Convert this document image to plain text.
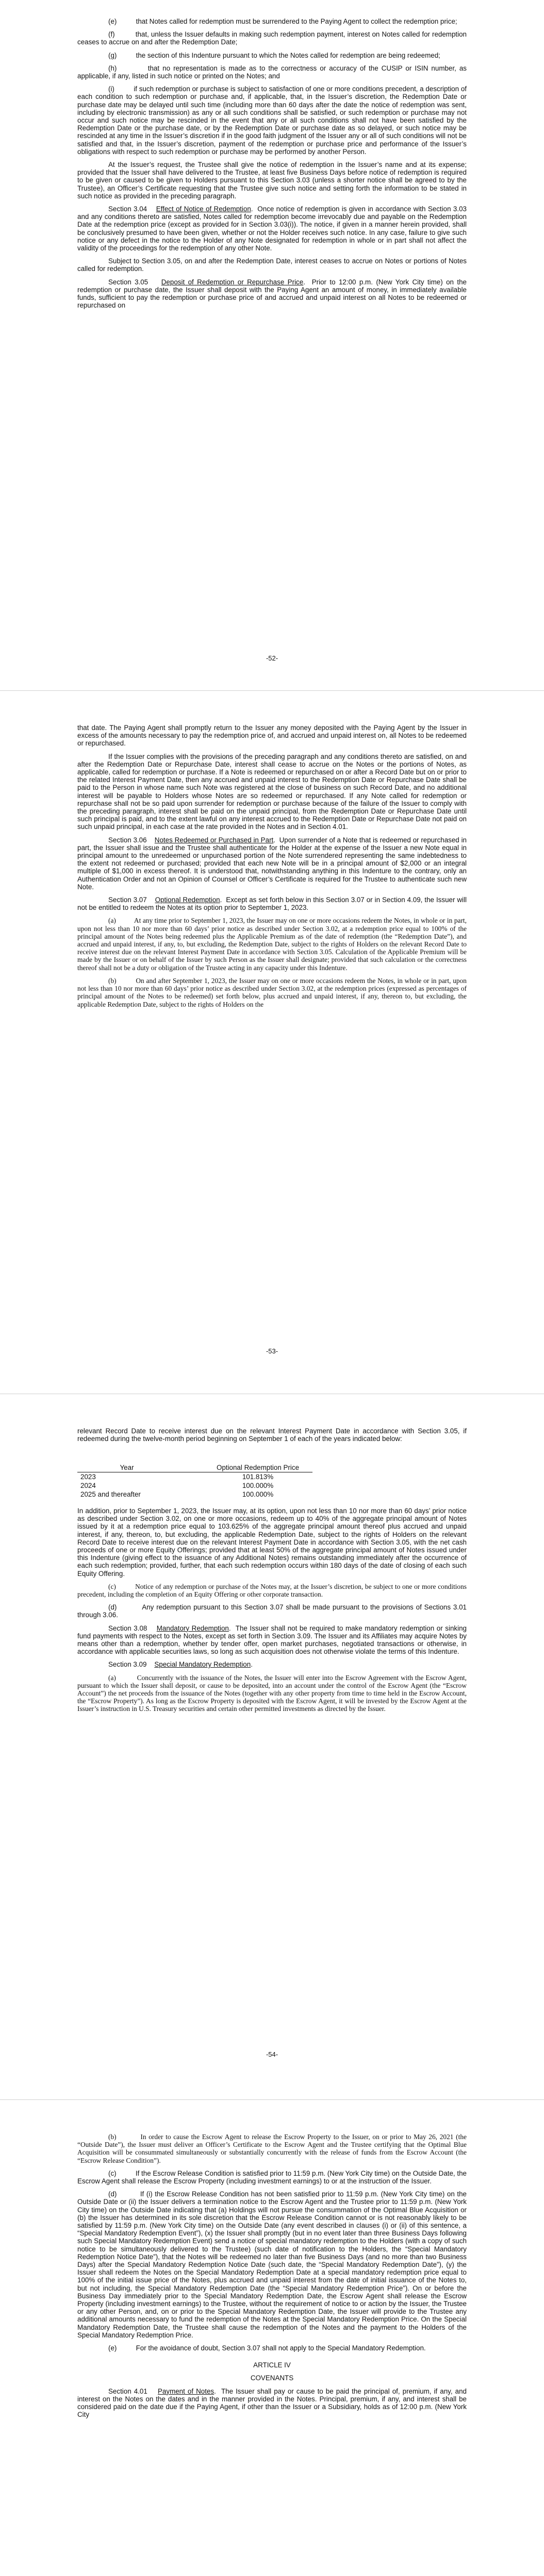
(e)	that Notes called for redemption must be surrendered to the Paying Agent to collect the redemption price;

(f)	that, unless the Issuer defaults in making such redemption payment, interest on Notes called for redemption ceases to accrue on and after the Redemption Date;

(g)	the section of this Indenture pursuant to which the Notes called for redemption are being redeemed;

(h)	that no representation is made as to the correctness or accuracy of the CUSIP or ISIN number, as applicable, if any, listed in such notice or printed on the Notes; and

(i)	if such redemption or purchase is subject to satisfaction of one or more conditions precedent, a description of each condition to such redemption or purchase and, if applicable, that, in the Issuer’s discretion, the Redemption Date or purchase date may be delayed until such time (including more than 60 days after the date the notice of redemption was sent, including by electronic transmission) as any or all such conditions shall be satisfied, or such redemption or purchase may not occur and such notice may be rescinded in the event that any or all such conditions shall not have been satisfied by the Redemption Date or the purchase date, or by the Redemption Date or purchase date as so delayed, or such notice may be rescinded at any time in the Issuer’s discretion if in the good faith judgment of the Issuer any or all of such conditions will not be satisfied and that, in the Issuer’s discretion, payment of the redemption or purchase price and performance of the Issuer’s obligations with respect to such redemption or purchase may be performed by another Person.

At the Issuer’s request, the Trustee shall give the notice of redemption in the Issuer’s name and at its expense; provided that the Issuer shall have delivered to the Trustee, at least five Business Days before notice of redemption is required to be given or caused to be given to Holders pursuant to this Section 3.03 (unless a shorter notice shall be agreed to by the Trustee), an Officer’s Certificate requesting that the Trustee give such notice and setting forth the information to be stated in such notice as provided in the preceding paragraph.

Section 3.04 Effect of Notice of Redemption.  Once notice of redemption is given in accordance with Section 3.03 and any conditions thereto are satisfied, Notes called for redemption become irrevocably due and payable on the Redemption Date at the redemption price (except as provided for in Section 3.03(i)). The notice, if given in a manner herein provided, shall be conclusively presumed to have been given, whether or not the Holder receives such notice. In any case, failure to give such notice or any defect in the notice to the Holder of any Note designated for redemption in whole or in part shall not affect the validity of the proceedings for the redemption of any other Note.

Subject to Section 3.05, on and after the Redemption Date, interest ceases to accrue on Notes or portions of Notes called for redemption.

Section 3.05 Deposit of Redemption or Repurchase Price.  Prior to 12:00 p.m. (New York City time) on the redemption or purchase date, the Issuer shall deposit with the Paying Agent an amount of money, in immediately available funds, sufficient to pay the redemption or purchase price of and accrued and unpaid interest on all Notes to be redeemed or repurchased on

-52-

that date. The Paying Agent shall promptly return to the Issuer any money deposited with the Paying Agent by the Issuer in excess of the amounts necessary to pay the redemption price of, and accrued and unpaid interest on, all Notes to be redeemed or repurchased.

If the Issuer complies with the provisions of the preceding paragraph and any conditions thereto are satisfied, on and after the Redemption Date or Repurchase Date, interest shall cease to accrue on the Notes or the portions of Notes, as applicable, called for redemption or purchase. If a Note is redeemed or repurchased on or after a Record Date but on or prior to the related Interest Payment Date, then any accrued and unpaid interest to the Redemption Date or Repurchase Date shall be paid to the Person in whose name such Note was registered at the close of business on such Record Date, and no additional interest will be payable to Holders whose Notes are so redeemed or repurchased. If any Note called for redemption or repurchase shall not be so paid upon surrender for redemption or purchase because of the failure of the Issuer to comply with the preceding paragraph, interest shall be paid on the unpaid principal, from the Redemption Date or Repurchase Date until such principal is paid, and to the extent lawful on any interest accrued to the Redemption Date or Repurchase Date not paid on such unpaid principal, in each case at the rate provided in the Notes and in Section 4.01.

Section 3.06 Notes Redeemed or Purchased in Part.  Upon surrender of a Note that is redeemed or repurchased in part, the Issuer shall issue and the Trustee shall authenticate for the Holder at the expense of the Issuer a new Note equal in principal amount to the unredeemed or unpurchased portion of the Note surrendered representing the same indebtedness to the extent not redeemed or purchased; provided that each new Note will be in a principal amount of $2,000 or an integral multiple of $1,000 in excess thereof. It is understood that, notwithstanding anything in this Indenture to the contrary, only an Authentication Order and not an Opinion of Counsel or Officer’s Certificate is required for the Trustee to authenticate such new Note.

Section 3.07 Optional Redemption.  Except as set forth below in this Section 3.07 or in Section 4.09, the Issuer will not be entitled to redeem the Notes at its option prior to September 1, 2023.

(a)	At any time prior to September 1, 2023, the Issuer may on one or more occasions redeem the Notes, in whole or in part, upon not less than 10 nor more than 60 days’ prior notice as described under Section 3.02, at a redemption price equal to 100% of the principal amount of the Notes being redeemed plus the Applicable Premium as of the date of redemption (the “Redemption Date”), and accrued and unpaid interest, if any, to, but excluding, the Redemption Date, subject to the rights of Holders on the relevant Record Date to receive interest due on the relevant Interest Payment Date in accordance with Section 3.05. Calculation of the Applicable Premium will be made by the Issuer or on behalf of the Issuer by such Person as the Issuer shall designate; provided that such calculation or the correctness thereof shall not be a duty or obligation of the Trustee acting in any capacity under this Indenture.

(b)	On and after September 1, 2023, the Issuer may on one or more occasions redeem the Notes, in whole or in part, upon not less than 10 nor more than 60 days’ prior notice as described under Section 3.02, at the redemption prices (expressed as percentages of principal amount of the Notes to be redeemed) set forth below, plus accrued and unpaid interest, if any, thereon to, but excluding, the applicable Redemption Date, subject to the rights of Holders on the

-53-

relevant Record Date to receive interest due on the relevant Interest Payment Date in accordance with Section 3.05, if redeemed during the twelve-month period beginning on September 1 of each of the years indicated below:

Year		Optional Redemption Price
2023		101.813%
2024		100.000%
2025 and thereafter		100.000%

In addition, prior to September 1, 2023, the Issuer may, at its option, upon not less than 10 nor more than 60 days’ prior notice as described under Section 3.02, on one or more occasions, redeem up to 40% of the aggregate principal amount of Notes issued by it at a redemption price equal to 103.625% of the aggregate principal amount thereof plus accrued and unpaid interest, if any, thereon, to, but excluding, the applicable Redemption Date, subject to the rights of Holders on the relevant Record Date to receive interest due on the relevant Interest Payment Date in accordance with Section 3.05, with the net cash proceeds of one or more Equity Offerings; provided that at least 50% of the aggregate principal amount of Notes issued under this Indenture (giving effect to the issuance of any Additional Notes) remains outstanding immediately after the occurrence of each such redemption; provided, further, that each such redemption occurs within 180 days of the date of closing of each such Equity Offering.

(c)	Notice of any redemption or purchase of the Notes may, at the Issuer’s discretion, be subject to one or more conditions precedent, including the completion of an Equity Offering or other corporate transaction.

(d)	Any redemption pursuant to this Section 3.07 shall be made pursuant to the provisions of Sections 3.01 through 3.06.

Section 3.08 Mandatory Redemption.  The Issuer shall not be required to make mandatory redemption or sinking fund payments with respect to the Notes, except as set forth in Section 3.09. The Issuer and its Affiliates may acquire Notes by means other than a redemption, whether by tender offer, open market purchases, negotiated transactions or otherwise, in accordance with applicable securities laws, so long as such acquisition does not otherwise violate the terms of this Indenture.

Section 3.09 Special Mandatory Redemption.

(a)	Concurrently with the issuance of the Notes, the Issuer will enter into the Escrow Agreement with the Escrow Agent, pursuant to which the Issuer shall deposit, or cause to be deposited, into an account under the control of the Escrow Agent (the “Escrow Account”) the net proceeds from the issuance of the Notes (together with any other property from time to time held in the Escrow Account, the “Escrow Property”). As long as the Escrow Property is deposited with the Escrow Agent, it will be invested by the Escrow Agent at the Issuer’s instruction in U.S. Treasury securities and certain other permitted investments as directed by the Issuer.

-54-

(b)	In order to cause the Escrow Agent to release the Escrow Property to the Issuer, on or prior to May 26, 2021 (the “Outside Date”), the Issuer must deliver an Officer’s Certificate to the Escrow Agent and the Trustee certifying that the Optimal Blue Acquisition will be consummated simultaneously or substantially concurrently with the release of funds from the Escrow Account (the “Escrow Release Condition”).

(c)	If the Escrow Release Condition is satisfied prior to 11:59 p.m. (New York City time) on the Outside Date, the Escrow Agent shall release the Escrow Property (including investment earnings) to or at the instruction of the Issuer.

(d)	If (i) the Escrow Release Condition has not been satisfied prior to 11:59 p.m. (New York City time) on the Outside Date or (ii) the Issuer delivers a termination notice to the Escrow Agent and the Trustee prior to 11:59 p.m. (New York City time) on the Outside Date indicating that (a) Holdings will not pursue the consummation of the Optimal Blue Acquisition or (b) the Issuer has determined in its sole discretion that the Escrow Release Condition cannot or is not reasonably likely to be satisfied by 11:59 p.m. (New York City time) on the Outside Date (any event described in clauses (i) or (ii) of this sentence, a “Special Mandatory Redemption Event”), (x) the Issuer shall promptly (but in no event later than three Business Days following such Special Mandatory Redemption Event) send a notice of special mandatory redemption to the Holders (with a copy of such notice to be simultaneously delivered to the Trustee) (such date of notification to the Holders, the “Special Mandatory Redemption Notice Date”), that the Notes will be redeemed no later than five Business Days (and no more than two Business Days) after the Special Mandatory Redemption Notice Date (such date, the “Special Mandatory Redemption Date”), (y) the Issuer shall redeem the Notes on the Special Mandatory Redemption Date at a special mandatory redemption price equal to 100% of the initial issue price of the Notes, plus accrued and unpaid interest from the date of initial issuance of the Notes to, but not including, the Special Mandatory Redemption Date (the “Special Mandatory Redemption Price”). On or before the Business Day immediately prior to the Special Mandatory Redemption Date, the Escrow Agent shall release the Escrow Property (including investment earnings) to the Trustee, without the requirement of notice to or action by the Issuer, the Trustee or any other Person, and, on or prior to the Special Mandatory Redemption Date, the Issuer will provide to the Trustee any additional amounts necessary to fund the redemption of the Notes at the Special Mandatory Redemption Price. On the Special Mandatory Redemption Date, the Trustee shall cause the redemption of the Notes and the payment to the Holders of the Special Mandatory Redemption Price.

(e)	For the avoidance of doubt, Section 3.07 shall not apply to the Special Mandatory Redemption.

ARTICLE IV

COVENANTS

Section 4.01 Payment of Notes.  The Issuer shall pay or cause to be paid the principal of, premium, if any, and interest on the Notes on the dates and in the manner provided in the Notes. Principal, premium, if any, and interest shall be considered paid on the date due if the Paying Agent, if other than the Issuer or a Subsidiary, holds as of 12:00 p.m. (New York City
